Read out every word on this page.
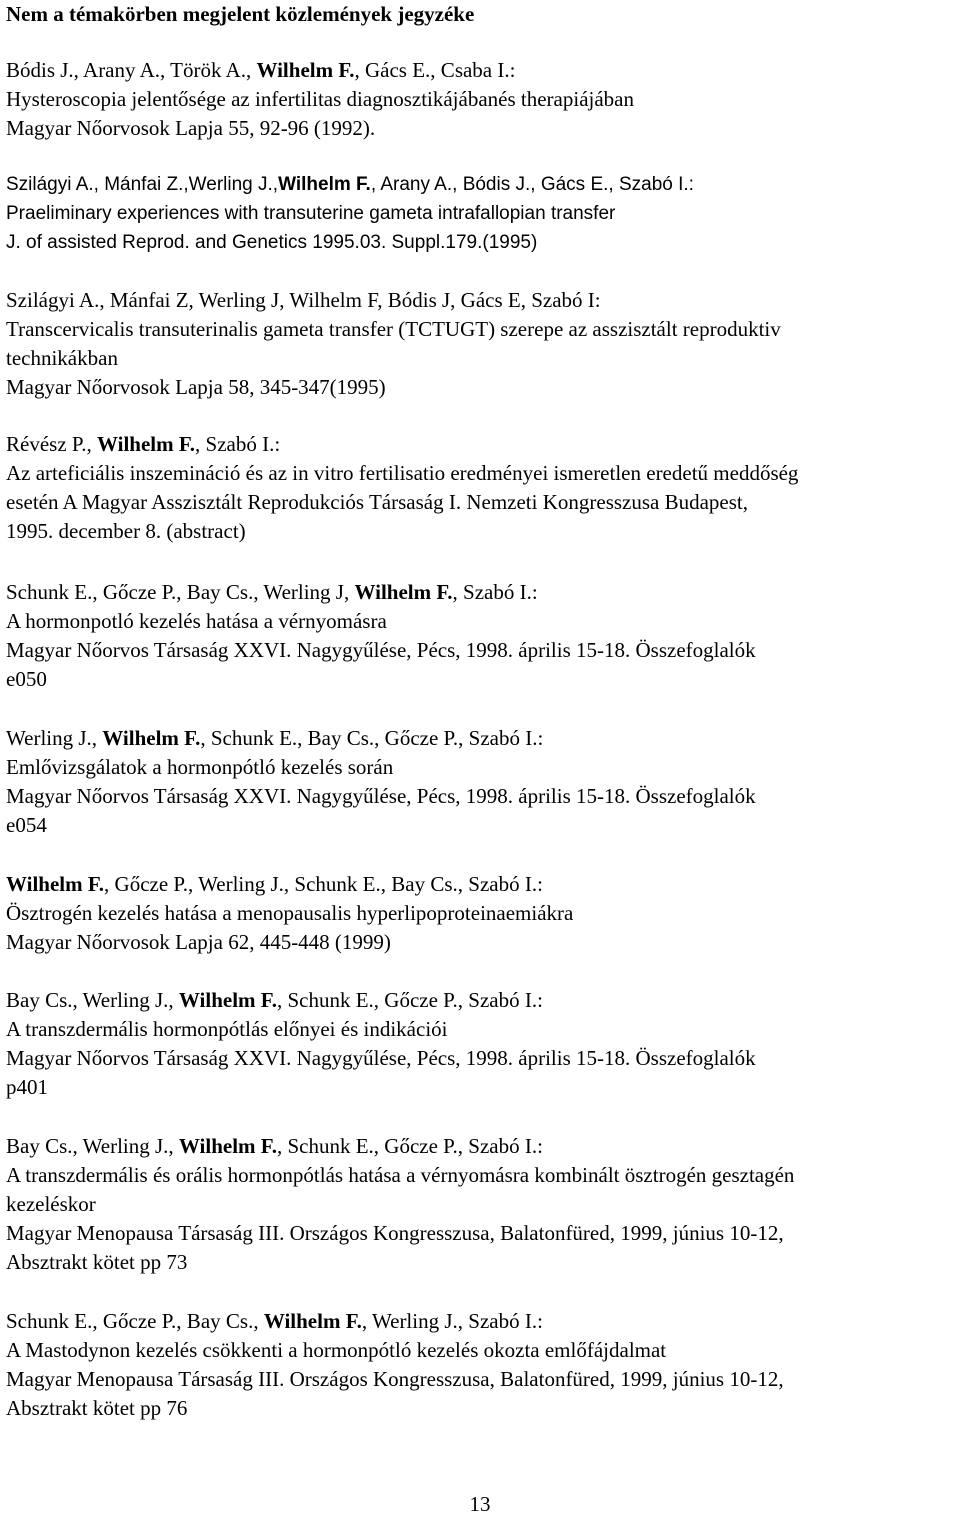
Nem a témakörben megjelent közlemények jegyzéke
Bódis J., Arany A., Török A., Wilhelm F., Gács E., Csaba I.:
Hysteroscopia jelentősége az infertilitas diagnosztikájábanés therapiájában
Magyar Nőorvosok Lapja 55, 92-96 (1992).
Szilágyi A., Mánfai Z.,Werling J.,Wilhelm F., Arany A., Bódis J., Gács E., Szabó I.:
Praeliminary experiences with transuterine gameta intrafallopian transfer
J. of assisted Reprod. and Genetics 1995.03. Suppl.179.(1995)
Szilágyi A., Mánfai Z, Werling J, Wilhelm F, Bódis J, Gács E, Szabó I:
Transcervicalis transuterinalis gameta transfer (TCTUGT) szerepe az asszisztált reproduktiv
technikákban
Magyar Nőorvosok Lapja 58, 345-347(1995)
Révész P., Wilhelm F., Szabó I.:
Az arteficiális inszemináció és az in vitro fertilisatio eredményei ismeretlen eredetű meddőség
esetén A Magyar Asszisztált Reprodukciós Társaság I. Nemzeti Kongresszusa Budapest,
1995. december 8. (abstract)
Schunk E., Gőcze P., Bay Cs., Werling J, Wilhelm F., Szabó I.:
A hormonpotló kezelés hatása a vérnyomásra
Magyar Nőorvos Társaság XXVI. Nagygyűlése, Pécs, 1998. április 15-18. Összefoglalók
e050
Werling J., Wilhelm F., Schunk E., Bay Cs., Gőcze P., Szabó I.:
Emlővizsgálatok a hormonpótló kezelés során
Magyar Nőorvos Társaság XXVI. Nagygyűlése, Pécs, 1998. április 15-18. Összefoglalók
e054
Wilhelm F., Gőcze P., Werling J., Schunk E., Bay Cs., Szabó I.:
Ösztrogén kezelés hatása a menopausalis hyperlipoproteinaemiákra
Magyar Nőorvosok Lapja 62, 445-448 (1999)
Bay Cs., Werling J., Wilhelm F., Schunk E., Gőcze P., Szabó I.:
A transzdermális hormonpótlás előnyei és indikációi
Magyar Nőorvos Társaság XXVI. Nagygyűlése, Pécs, 1998. április 15-18. Összefoglalók
p401
Bay Cs., Werling J., Wilhelm F., Schunk E., Gőcze P., Szabó I.:
A transzdermális és orális hormonpótlás hatása a vérnyomásra kombinált ösztrogén gesztagén
kezeléskor
Magyar Menopausa Társaság III. Országos Kongresszusa, Balatonfüred, 1999, június 10-12,
Absztrakt kötet pp 73
Schunk E., Gőcze P., Bay Cs., Wilhelm F., Werling J., Szabó I.:
A Mastodynon kezelés csökkenti a hormonpótló kezelés okozta emlőfájdalmat
Magyar Menopausa Társaság III. Országos Kongresszusa, Balatonfüred, 1999, június 10-12,
Absztrakt kötet pp 76
13
